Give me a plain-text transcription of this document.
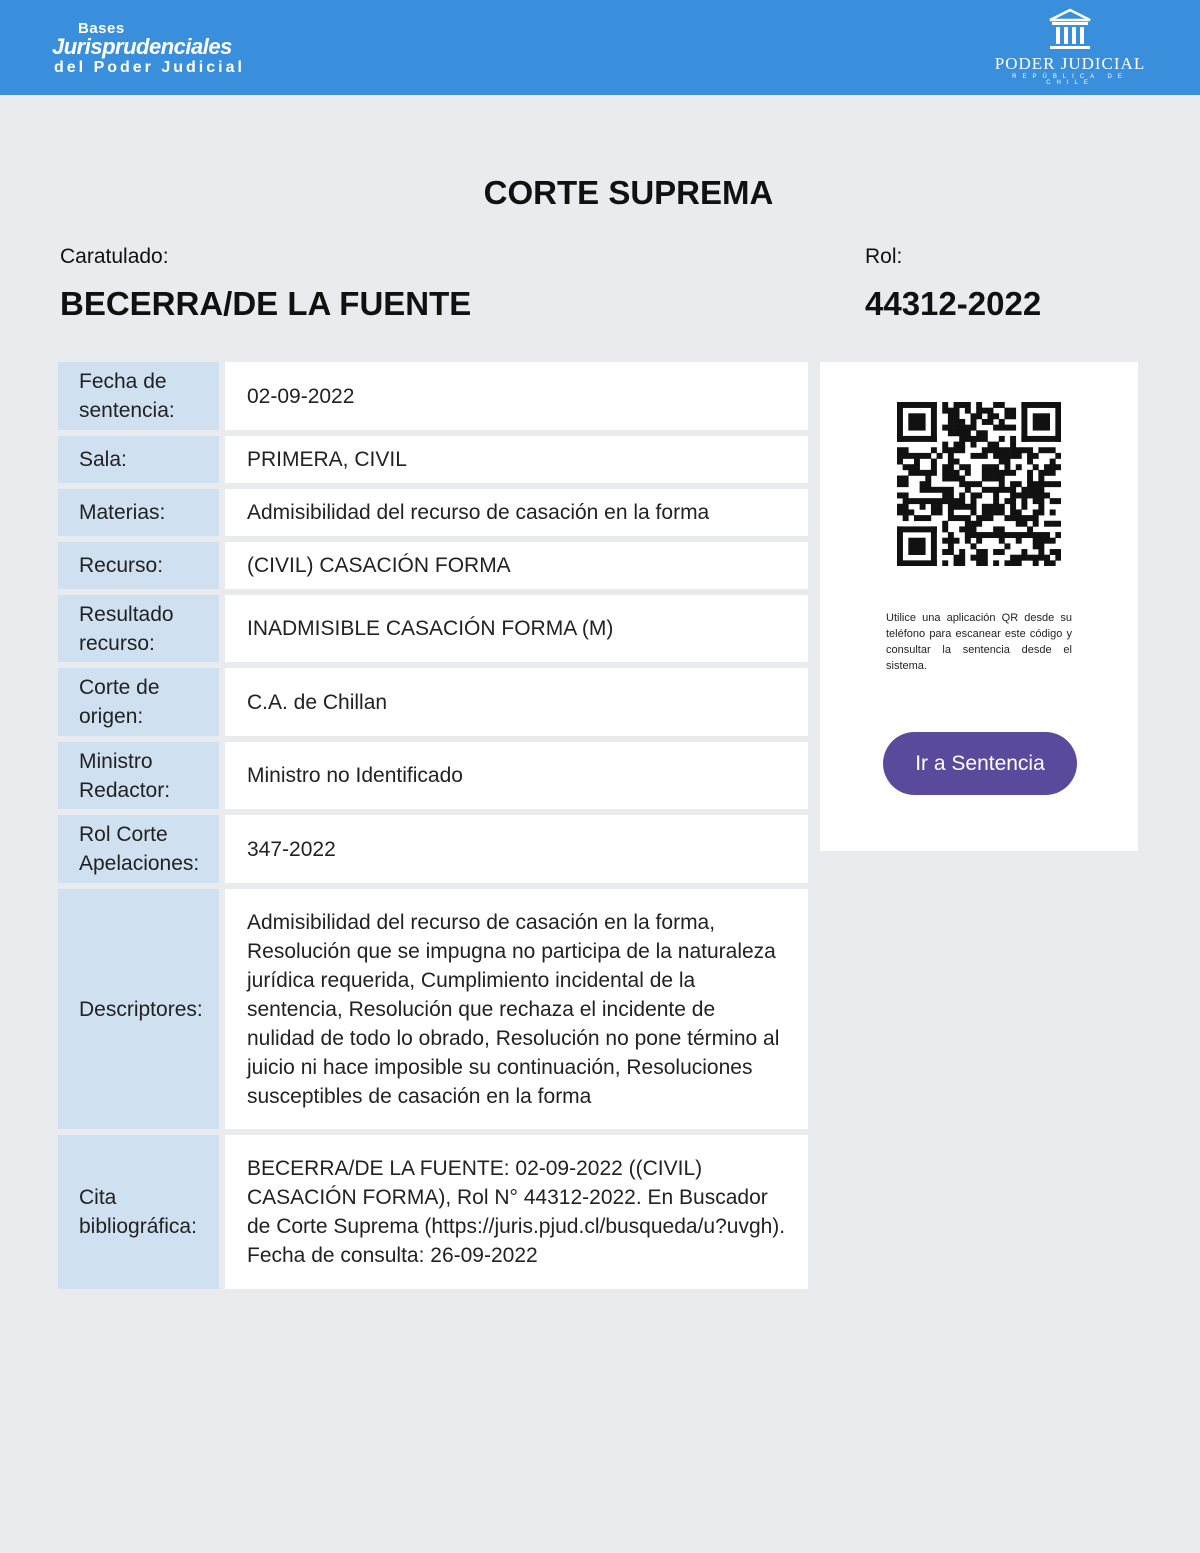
Bases
Jurisprudenciales
del Poder Judicial	PODER JUDICIAL
REPÚBLICA DE CHILE
CORTE SUPREMA
Caratulado:
BECERRA/DE LA FUENTE
Rol:
44312-2022
Fecha de sentencia:
02-09-2022
Sala:	PRIMERA, CIVIL
Materias:	Admisibilidad del recurso de casación en la forma
Recurso:	(CIVIL) CASACIÓN FORMA
Resultado recurso:
INADMISIBLE CASACIÓN FORMA (M)
Corte de origen:
C.A. de Chillan
Ministro Redactor:
Ministro no Identificado
Rol Corte Apelaciones:
347-2022
Descriptores:
Admisibilidad del recurso de casación en la forma, Resolución que se impugna no participa de la naturaleza jurídica requerida, Cumplimiento incidental de la sentencia, Resolución que rechaza el incidente de nulidad de todo lo obrado, Resolución no pone término al juicio ni hace imposible su continuación, Resoluciones susceptibles de casación en la forma
Cita bibliográfica:
BECERRA/DE LA FUENTE: 02-09-2022 ((CIVIL) CASACIÓN FORMA), Rol N° 44312-2022. En Buscador de Corte Suprema (https://juris.pjud.cl/busqueda/u?uvgh). Fecha de consulta: 26-09-2022
Utilice una aplicación QR desde su teléfono para escanear este código y consultar la sentencia desde el sistema.
Ir a Sentencia
